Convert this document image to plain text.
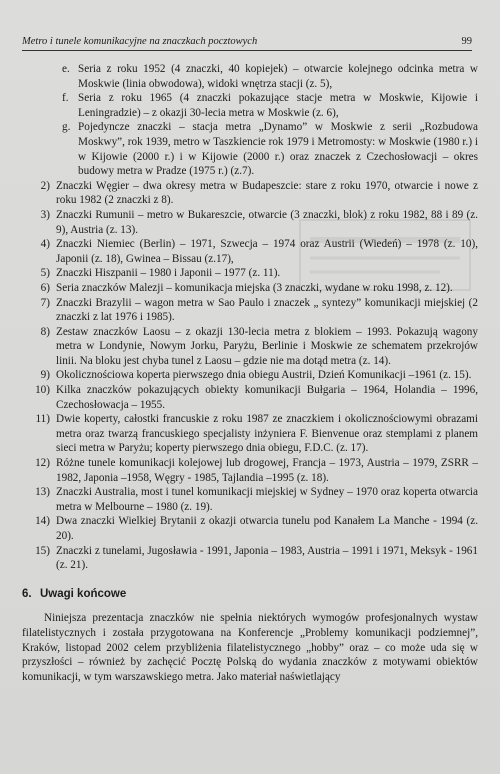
Metro i tunele komunikacyjne na znaczkach pocztowych	99
e. Seria z roku 1952 (4 znaczki, 40 kopiejek) – otwarcie kolejnego odcinka metra w Moskwie (linia obwodowa), widoki wnętrza stacji (z. 5),
f. Seria z roku 1965 (4 znaczki pokazujące stacje metra w Moskwie, Kijowie i Leningradzie) – z okazji 30-lecia metra w Moskwie (z. 6),
g. Pojedyncze znaczki – stacja metra „Dynamo” w Moskwie z serii „Rozbudowa Moskwy”, rok 1939, metro w Taszkiencie rok 1979 i Metromosty: w Moskwie (1980 r.) i w Kijowie (2000 r.) i w Kijowie (2000 r.) oraz znaczek z Czechosłowacji – okres budowy metra w Pradze (1975 r.) (z.7).
2) Znaczki Węgier – dwa okresy metra w Budapeszcie: stare z roku 1970, otwarcie i nowe z roku 1982 (2 znaczki z 8).
3) Znaczki Rumunii – metro w Bukareszcie, otwarcie (3 znaczki, blok) z roku 1982, 88 i 89 (z. 9), Austria (z. 13).
4) Znaczki Niemiec (Berlin) – 1971, Szwecja – 1974 oraz Austrii (Wiedeń) – 1978 (z. 10), Japonii (z. 18), Gwinea – Bissau (z.17),
5) Znaczki Hiszpanii – 1980 i Japonii – 1977 (z. 11).
6) Seria znaczków Malezji – komunikacja miejska (3 znaczki, wydane w roku 1998, z. 12).
7) Znaczki Brazylii – wagon metra w Sao Paulo i znaczek „ syntezy” komunikacji miejskiej (2 znaczki z lat 1976 i 1985).
8) Zestaw znaczków Laosu – z okazji 130-lecia metra z blokiem – 1993. Pokazują wagony metra w Londynie, Nowym Jorku, Paryżu, Berlinie i Moskwie ze schematem przekrojów linii. Na bloku jest chyba tunel z Laosu – gdzie nie ma dotąd metra (z. 14).
9) Okolicznościowa koperta pierwszego dnia obiegu Austrii, Dzień Komunikacji –1961 (z. 15).
10) Kilka znaczków pokazujących obiekty komunikacji Bułgaria – 1964, Holandia – 1996, Czechosłowacja – 1955.
11) Dwie koperty, całostki francuskie z roku 1987 ze znaczkiem i okolicznościowymi obrazami metra oraz twarzą francuskiego specjalisty inżyniera F. Bienvenue oraz stemplami z planem sieci metra w Paryżu; koperty pierwszego dnia obiegu, F.D.C. (z. 17).
12) Różne tunele komunikacji kolejowej lub drogowej, Francja – 1973, Austria – 1979, ZSRR – 1982, Japonia –1958, Węgry - 1985, Tajlandia –1995 (z. 18).
13) Znaczki Australia, most i tunel komunikacji miejskiej w Sydney – 1970 oraz koperta otwarcia metra w Melbourne – 1980 (z. 19).
14) Dwa znaczki Wielkiej Brytanii z okazji otwarcia tunelu pod Kanałem La Manche - 1994 (z. 20).
15) Znaczki z tunelami, Jugosławia - 1991, Japonia – 1983, Austria – 1991 i 1971, Meksyk - 1961 (z. 21).
6. Uwagi końcowe
Niniejsza prezentacja znaczków nie spełnia niektórych wymogów profesjonalnych wystaw filatelistycznych i została przygotowana na Konferencje „Problemy komunikacji podziemnej”, Kraków, listopad 2002 celem przybliżenia filatelistycznego „hobby” oraz – co może uda się w przyszłości – również by zachęcić Pocztę Polską do wydania znaczków z motywami obiektów komunikacji, w tym warszawskiego metra. Jako materiał naświetlający
